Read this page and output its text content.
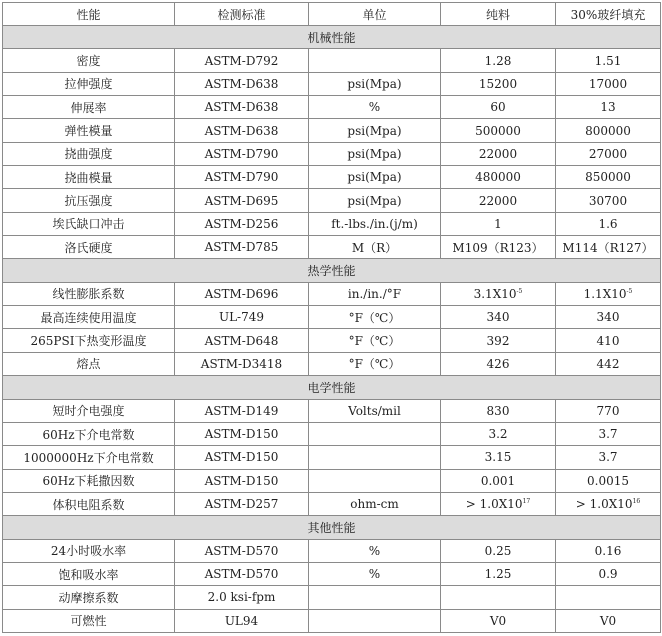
性能	检测标准	单位	纯料	30%玻纤填充
机械性能				
密度	ASTM-D792		1.28	1.51
拉伸强度	ASTM-D638	psi(Mpa)	15200	17000
伸展率	ASTM-D638	%	60	13
弹性模量	ASTM-D638	psi(Mpa)	500000	800000
挠曲强度	ASTM-D790	psi(Mpa)	22000	27000
挠曲模量	ASTM-D790	psi(Mpa)	480000	850000
抗压强度	ASTM-D695	psi(Mpa)	22000	30700
埃氏缺口冲击	ASTM-D256	ft.-lbs./in.(j/m)	1	1.6
洛氏硬度	ASTM-D785	M（R）	M109（R123）	M114（R127）
热学性能				
线性膨胀系数	ASTM-D696	in./in./°F	$3.1X10^{-5}$	$1.1X10^{-5}$
最高连续使用温度	UL-749	°F（℃）	340	340
265PSI下热变形温度	ASTM-D648	°F（℃）	392	410
熔点	ASTM-D3418	°F（℃）	426	442
电学性能				
短时介电强度	ASTM-D149	Volts/mil	830	770
60Hz下介电常数	ASTM-D150		3.2	3.7
1000000Hz下介电常数	ASTM-D150		3.15	3.7
60Hz下耗撒因数	ASTM-D150		0.001	0.0015
体积电阻系数	ASTM-D257	ohm-cm	> $1.0X10^{17}$	> $1.0X10^{16}$
其他性能				
24小时吸水率	ASTM-D570	%	0.25	0.16
饱和吸水率	ASTM-D570	%	1.25	0.9
动摩擦系数	2.0 ksi-fpm			
可燃性	UL94		V0	V0
